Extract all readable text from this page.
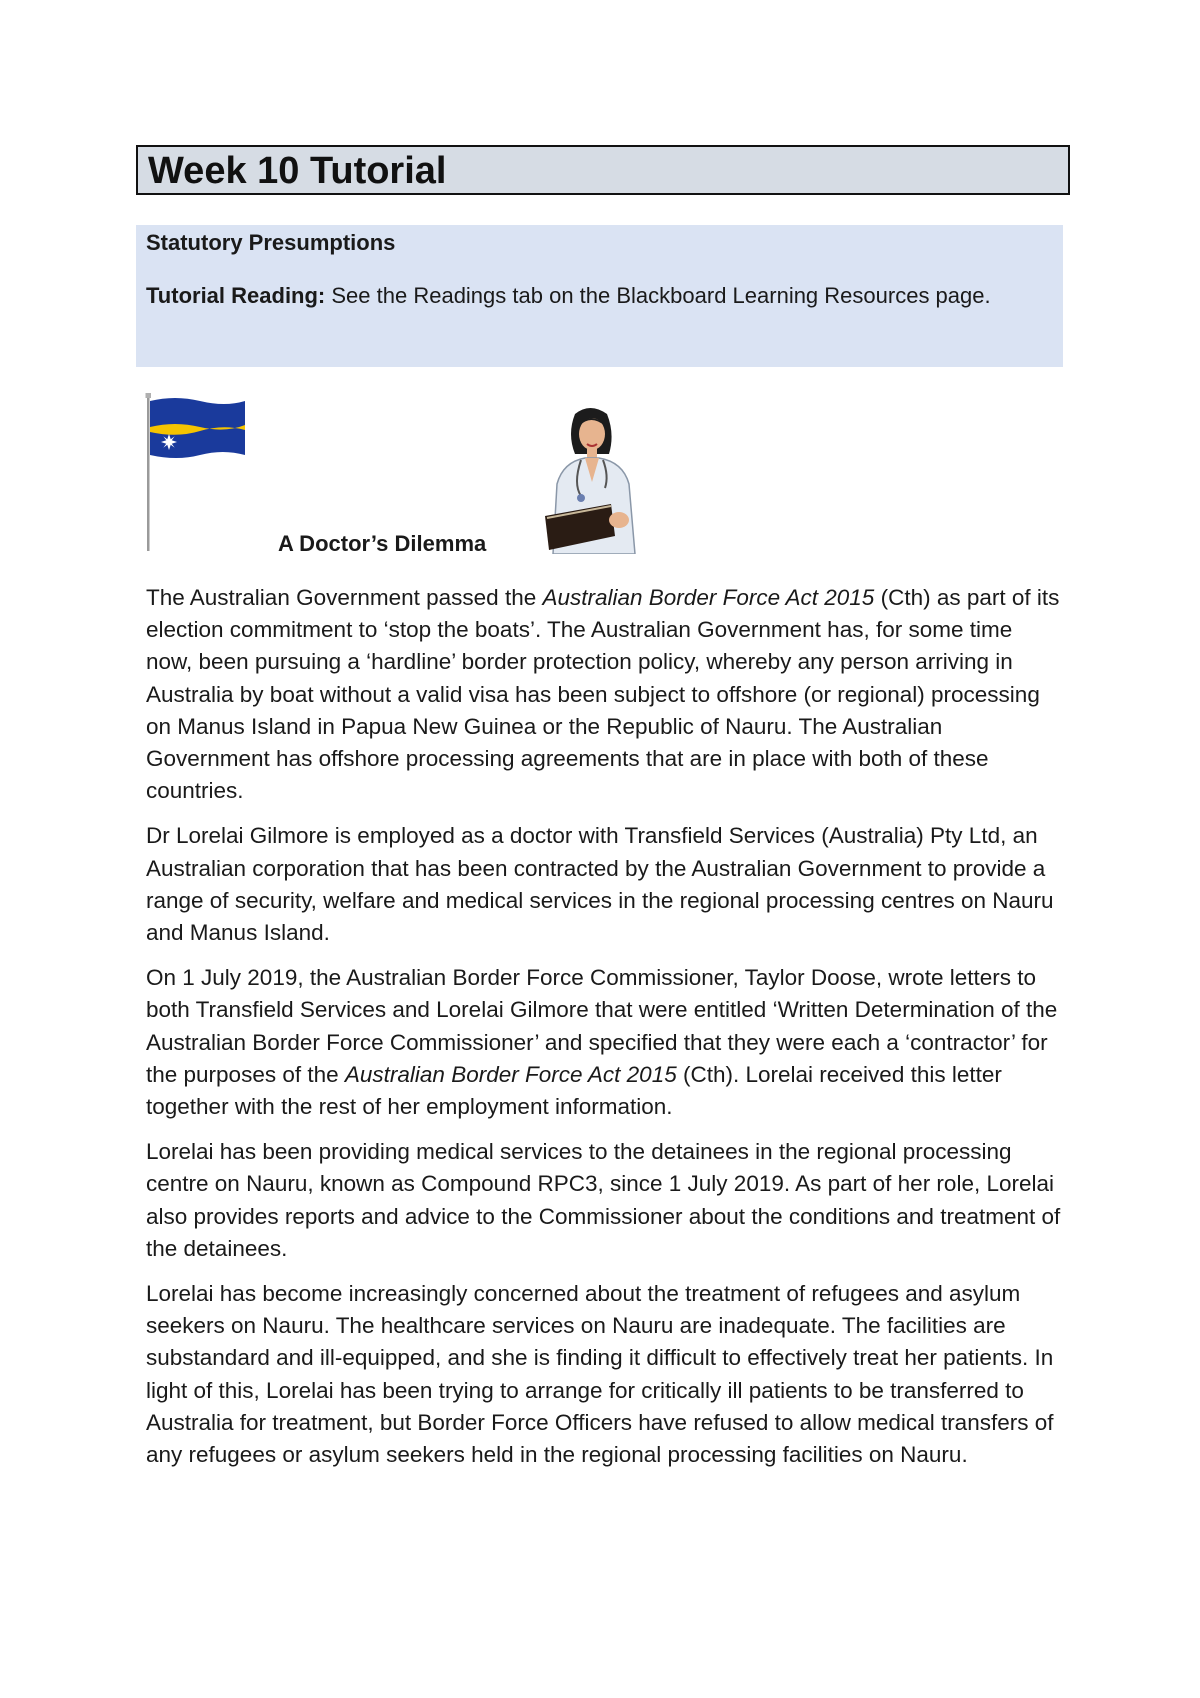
Week 10 Tutorial
Statutory Presumptions
Tutorial Reading: See the Readings tab on the Blackboard Learning Resources page.
A Doctor’s Dilemma

The Australian Government passed the Australian Border Force Act 2015 (Cth) as part of its election commitment to ‘stop the boats’. The Australian Government has, for some time now, been pursuing a ‘hardline’ border protection policy, whereby any person arriving in Australia by boat without a valid visa has been subject to offshore (or regional) processing on Manus Island in Papua New Guinea or the Republic of Nauru. The Australian Government has offshore processing agreements that are in place with both of these countries.

Dr Lorelai Gilmore is employed as a doctor with Transfield Services (Australia) Pty Ltd, an Australian corporation that has been contracted by the Australian Government to provide a range of security, welfare and medical services in the regional processing centres on Nauru and Manus Island.

On 1 July 2019, the Australian Border Force Commissioner, Taylor Doose, wrote letters to both Transfield Services and Lorelai Gilmore that were entitled ‘Written Determination of the Australian Border Force Commissioner’ and specified that they were each a ‘contractor’ for the purposes of the Australian Border Force Act 2015 (Cth). Lorelai received this letter together with the rest of her employment information.

Lorelai has been providing medical services to the detainees in the regional processing centre on Nauru, known as Compound RPC3, since 1 July 2019. As part of her role, Lorelai also provides reports and advice to the Commissioner about the conditions and treatment of the detainees.

Lorelai has become increasingly concerned about the treatment of refugees and asylum seekers on Nauru. The healthcare services on Nauru are inadequate. The facilities are substandard and ill-equipped, and she is finding it difficult to effectively treat her patients. In light of this, Lorelai has been trying to arrange for critically ill patients to be transferred to Australia for treatment, but Border Force Officers have refused to allow medical transfers of any refugees or asylum seekers held in the regional processing facilities on Nauru.
